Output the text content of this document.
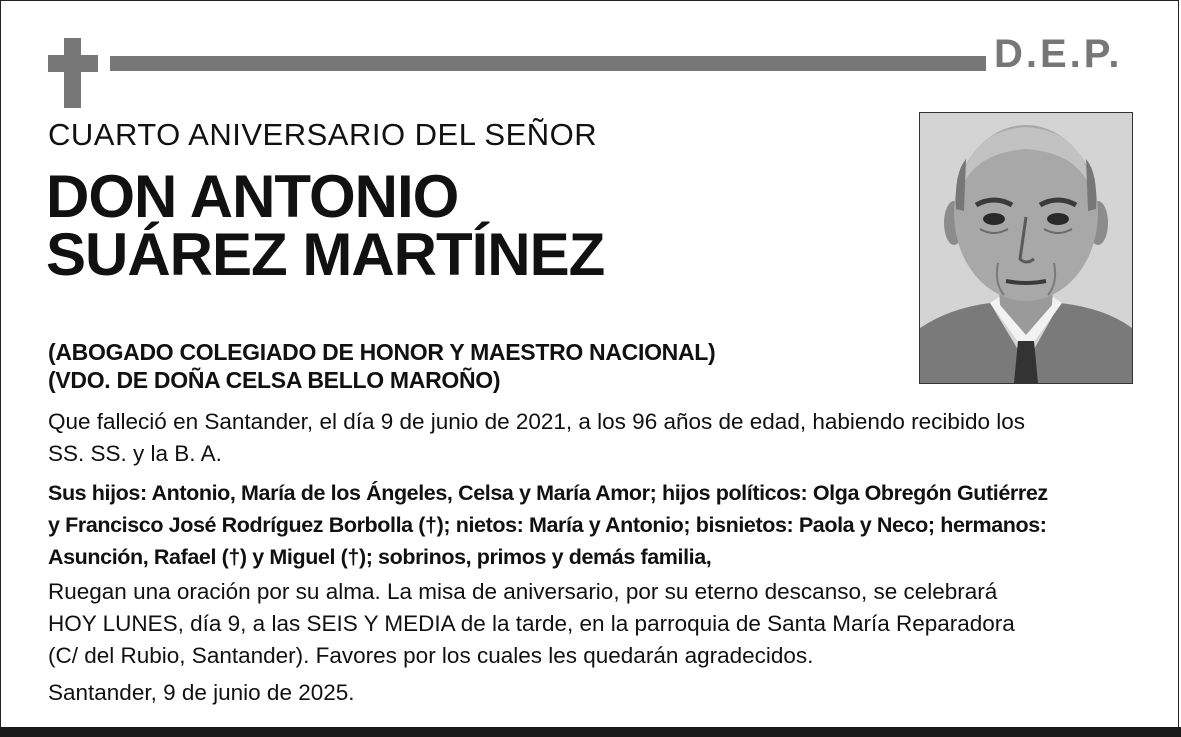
D.E.P.
CUARTO ANIVERSARIO DEL SEÑOR
DON ANTONIO
SUÁREZ MARTÍNEZ
(ABOGADO COLEGIADO DE HONOR Y MAESTRO NACIONAL)
(VDO. DE DOÑA CELSA BELLO MAROÑO)
Que falleció en Santander, el día 9 de junio de 2021, a los 96 años de edad, habiendo recibido los
SS. SS. y la B. A.
Sus hijos: Antonio, María de los Ángeles, Celsa y María Amor; hijos políticos: Olga Obregón Gutiérrez
y Francisco José Rodríguez Borbolla (†); nietos: María y Antonio; bisnietos: Paola y Neco; hermanos:
Asunción, Rafael (†) y Miguel (†); sobrinos, primos y demás familia,
Ruegan una oración por su alma. La misa de aniversario, por su eterno descanso, se celebrará
HOY LUNES, día 9, a las SEIS Y MEDIA de la tarde, en la parroquia de Santa María Reparadora
(C/ del Rubio, Santander). Favores por los cuales les quedarán agradecidos.
Santander, 9 de junio de 2025.
